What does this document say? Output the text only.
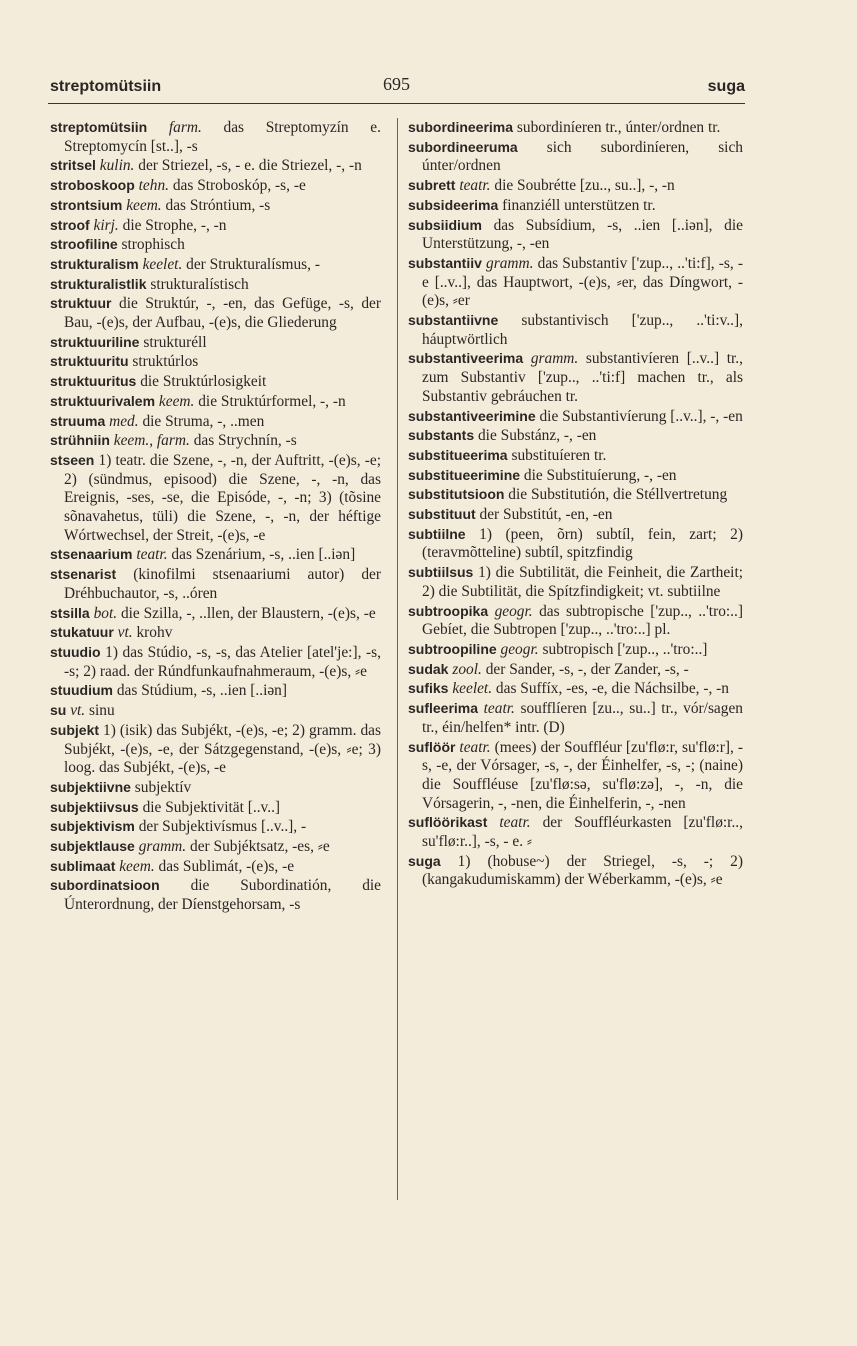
streptomütsiin	695	suga

streptomütsiin farm. das Streptomyzín e. Streptomycín [st..], -s

stritsel kulin. der Striezel, -s, - e. die Striezel, -, -n

stroboskoop tehn. das Stroboskóp, -s, -e

strontsium keem. das Stróntium, -s

stroof kirj. die Strophe, -, -n

stroofiline strophisch

strukturalism keelet. der Strukturalísmus, -

strukturalistlik strukturalístisch

struktuur die Struktúr, -, -en, das Gefüge, -s, der Bau, -(e)s, der Aufbau, -(e)s, die Gliederung

struktuuriline strukturéll

struktuuritu struktúrlos

struktuuritus die Struktúrlosigkeit

struktuurivalem keem. die Struktúrformel, -, -n

struuma med. die Struma, -, ..men

strühniin keem., farm. das Strychnín, -s

stseen 1) teatr. die Szene, -, -n, der Auftritt, -(e)s, -e; 2) (sündmus, episood) die Szene, -, -n, das Ereignis, -ses, -se, die Episóde, -, -n; 3) (tõsine sõnavahetus, tüli) die Szene, -, -n, der héftige Wórtwechsel, der Streit, -(e)s, -e

stsenaarium teatr. das Szenárium, -s, ..ien [..iən]

stsenarist (kinofilmi stsenaariumi autor) der Dréhbuchautor, -s, ..óren

stsilla bot. die Szilla, -, ..llen, der Blaustern, -(e)s, -e

stukatuur vt. krohv

stuudio 1) das Stúdio, -s, -s, das Atelier [atel'je:], -s, -s; 2) raad. der Rúndfunkaufnahmeraum, -(e)s, ⸗e

stuudium das Stúdium, -s, ..ien [..iən]

su vt. sinu

subjekt 1) (isik) das Subjékt, -(e)s, -e; 2) gramm. das Subjékt, -(e)s, -e, der Sátzgegenstand, -(e)s, ⸗e; 3) loog. das Subjékt, -(e)s, -e

subjektiivne subjektív

subjektiivsus die Subjektivität [..v..]

subjektivism der Subjektivísmus [..v..], -

subjektlause gramm. der Subjéktsatz, -es, ⸗e

sublimaat keem. das Sublimát, -(e)s, -e

subordinatsioon die Subordinatión, die Únterordnung, der Díenstgehorsam, -s

subordineerima subordiníeren tr., únter/ordnen tr.

subordineeruma sich subordiníeren, sich únter/ordnen

subrett teatr. die Soubrétte [zu.., su..], -, -n

subsideerima finanziéll unterstützen tr.

subsiidium das Subsídium, -s, ..ien [..iən], die Unterstützung, -, -en

substantiiv gramm. das Substantiv ['zup.., ..'ti:f], -s, -e [..v..], das Hauptwort, -(e)s, ⸗er, das Díngwort, -(e)s, ⸗er

substantiivne substantivisch ['zup.., ..'ti:v..], háuptwörtlich

substantiveerima gramm. substantivíeren [..v..] tr., zum Substantiv ['zup.., ..'ti:f] machen tr., als Substantiv gebráuchen tr.

substantiveerimine die Substantivíerung [..v..], -, -en

substants die Substánz, -, -en

substitueerima substituíeren tr.

substitueerimine die Substituíerung, -, -en

substitutsioon die Substitutión, die Stéllvertretung

substituut der Substitút, -en, -en

subtiilne 1) (peen, õrn) subtíl, fein, zart; 2) (teravmõtteline) subtíl, spitzfindig

subtiilsus 1) die Subtilität, die Feinheit, die Zartheit; 2) die Subtilität, die Spítzfindigkeit; vt. subtiilne

subtroopika geogr. das subtropische ['zup.., ..'tro:..] Gebíet, die Subtropen ['zup.., ..'tro:..] pl.

subtroopiline geogr. subtropisch ['zup.., ..'tro:..]

sudak zool. der Sander, -s, -, der Zander, -s, -

sufiks keelet. das Suffíx, -es, -e, die Náchsilbe, -, -n

sufleerima teatr. soufflíeren [zu.., su..] tr., vór/sagen tr., éin/helfen* intr. (D)

suflöör teatr. (mees) der Souffléur [zu'flø:r, su'flø:r], -s, -e, der Vórsager, -s, -, der Éinhelfer, -s, -; (naine) die Souffléuse [zu'flø:sə, su'flø:zə], -, -n, die Vórsagerin, -, -nen, die Éinhelferin, -, -nen

suflöörikast teatr. der Souffléurkasten [zu'flø:r.., su'flø:r..], -s, - e. ⸗

suga 1) (hobuse~) der Striegel, -s, -; 2) (kangakudumiskamm) der Wéberkamm, -(e)s, ⸗e
